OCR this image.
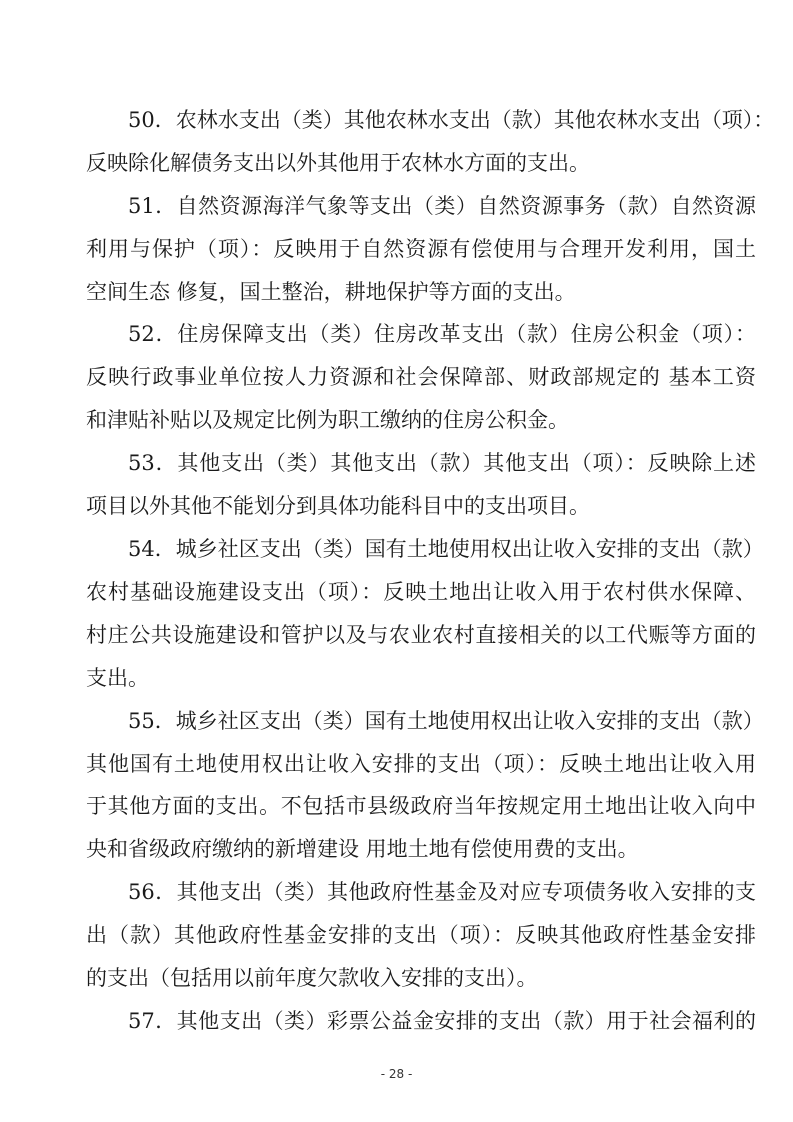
50．农林水支出（类）其他农林水支出（款）其他农林水支出（项）：
反映除化解债务支出以外其他用于农林水方面的支出。
51．自然资源海洋气象等支出（类）自然资源事务（款）自然资源
利用与保护（项）：反映用于自然资源有偿使用与合理开发利用，国土
空间生态 修复，国土整治，耕地保护等方面的支出。
52．住房保障支出（类）住房改革支出（款）住房公积金（项）：
反映行政事业单位按人力资源和社会保障部、财政部规定的 基本工资
和津贴补贴以及规定比例为职工缴纳的住房公积金。
53．其他支出（类）其他支出（款）其他支出（项）：反映除上述
项目以外其他不能划分到具体功能科目中的支出项目。
54．城乡社区支出（类）国有土地使用权出让收入安排的支出（款）
农村基础设施建设支出（项）：反映土地出让收入用于农村供水保障、
村庄公共设施建设和管护以及与农业农村直接相关的以工代赈等方面的
支出。
55．城乡社区支出（类）国有土地使用权出让收入安排的支出（款）
其他国有土地使用权出让收入安排的支出（项）：反映土地出让收入用
于其他方面的支出。不包括市县级政府当年按规定用土地出让收入向中
央和省级政府缴纳的新增建设 用地土地有偿使用费的支出。
56．其他支出（类）其他政府性基金及对应专项债务收入安排的支
出（款）其他政府性基金安排的支出（项）：反映其他政府性基金安排
的支出（包括用以前年度欠款收入安排的支出）。
57．其他支出（类）彩票公益金安排的支出（款）用于社会福利的
- 28 -
